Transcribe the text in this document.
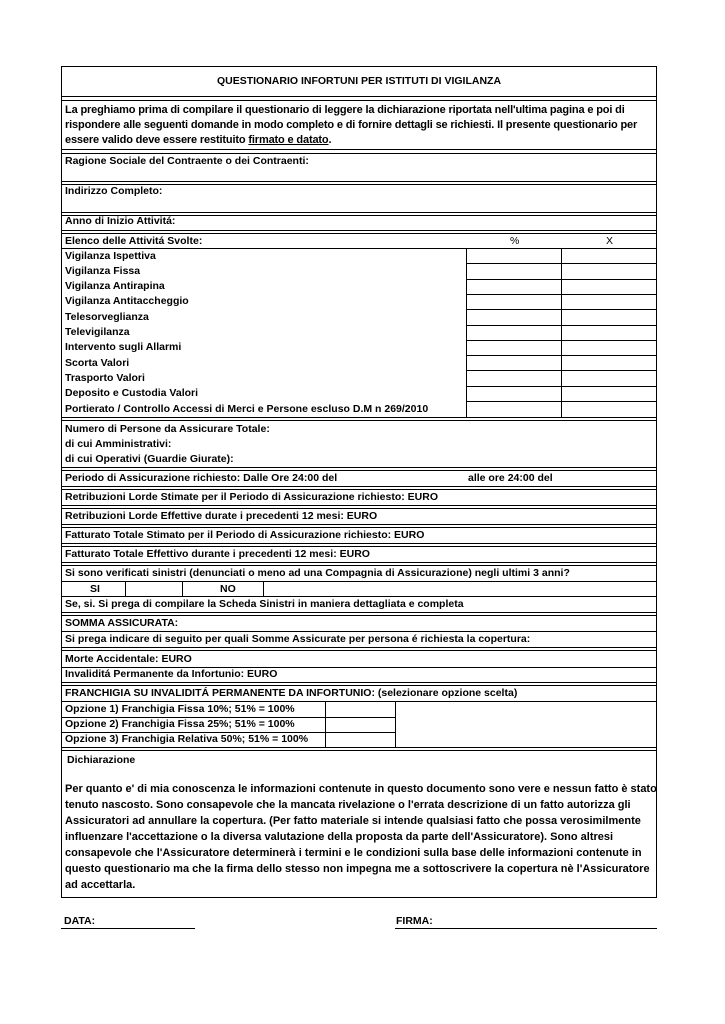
QUESTIONARIO INFORTUNI PER ISTITUTI DI VIGILANZA
La preghiamo prima di compilare il questionario di leggere la dichiarazione riportata nell'ultima pagina e poi di rispondere alle seguenti domande in modo completo e di fornire dettagli se richiesti. Il presente questionario per essere valido deve essere restituito firmato e datato.
Ragione Sociale del Contraente o dei Contraenti:
Indirizzo Completo:
Anno di Inizio Attivitá:
Elenco delle Attivitá Svolte:	%	X
Vigilanza Ispettiva
Vigilanza Fissa
Vigilanza Antirapina
Vigilanza Antitaccheggio
Telesorveglianza
Televigilanza
Intervento sugli Allarmi
Scorta Valori
Trasporto Valori
Deposito e Custodia Valori
Portierato / Controllo Accessi di Merci e Persone escluso D.M n 269/2010
Numero di Persone da Assicurare Totale:
di cui Amministrativi:
di cui Operativi (Guardie Giurate):
Periodo di Assicurazione richiesto: Dalle Ore 24:00 del	alle ore 24:00 del
Retribuzioni Lorde Stimate per il Periodo di Assicurazione richiesto: EURO
Retribuzioni Lorde Effettive durate i precedenti 12 mesi: EURO
Fatturato Totale Stimato per il Periodo di Assicurazione richiesto: EURO
Fatturato Totale Effettivo durante i precedenti 12 mesi: EURO
Si sono verificati sinistri (denunciati o meno ad una Compagnia di Assicurazione) negli ultimi 3 anni?
SI	NO
Se, si. Si prega di compilare la Scheda Sinistri in maniera dettagliata e completa
SOMMA ASSICURATA:
Si prega indicare di seguito per quali Somme Assicurate per persona é richiesta la copertura:
Morte Accidentale: EURO
Invaliditá Permanente da Infortunio: EURO
FRANCHIGIA SU INVALIDITÁ PERMANENTE DA INFORTUNIO: (selezionare opzione scelta)
Opzione 1) Franchigia Fissa 10%; 51% = 100%
Opzione 2) Franchigia Fissa 25%; 51% = 100%
Opzione 3) Franchigia Relativa 50%; 51% = 100%
Dichiarazione
Per quanto e' di mia conoscenza le informazioni contenute in questo documento sono vere e nessun fatto è stato tenuto nascosto. Sono consapevole che la mancata rivelazione o l'errata descrizione di un fatto autorizza gli Assicuratori ad annullare la copertura. (Per fatto materiale si intende qualsiasi fatto che possa verosimilmente influenzare l'accettazione o la diversa valutazione della proposta da parte dell'Assicuratore). Sono altresi consapevole che l'Assicuratore determinerà i termini e le condizioni sulla base delle informazioni contenute in questo questionario ma che la firma dello stesso non impegna me a sottoscrivere la copertura nè l'Assicuratore ad accettarla.
DATA:	FIRMA:
